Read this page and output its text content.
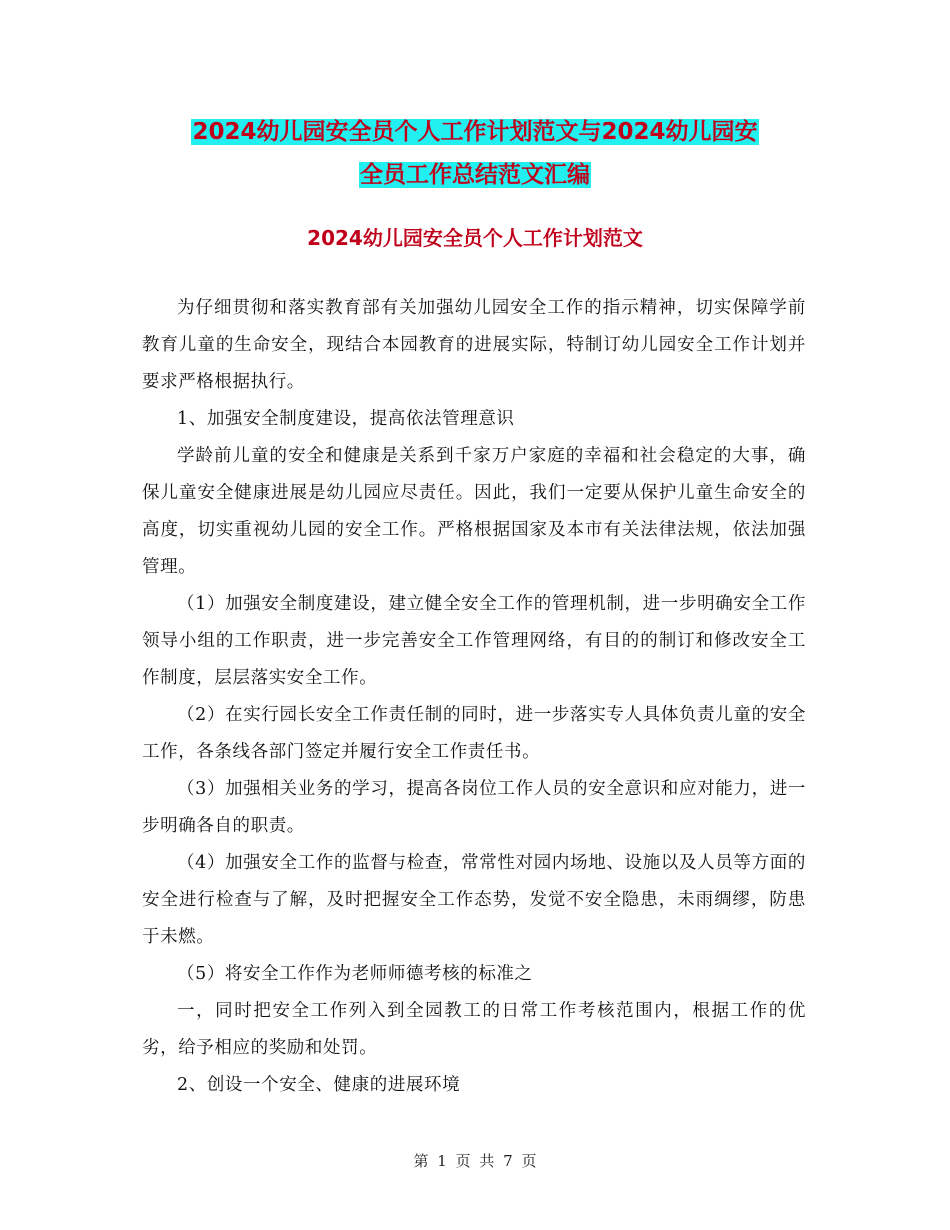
2024幼儿园安全员个人工作计划范文与2024幼儿园安
全员工作总结范文汇编
2024幼儿园安全员个人工作计划范文

为仔细贯彻和落实教育部有关加强幼儿园安全工作的指示精神，切实保障学前教育儿童的生命安全，现结合本园教育的进展实际，特制订幼儿园安全工作计划并要求严格根据执行。

1、加强安全制度建设，提高依法管理意识

学龄前儿童的安全和健康是关系到千家万户家庭的幸福和社会稳定的大事，确保儿童安全健康进展是幼儿园应尽责任。因此，我们一定要从保护儿童生命安全的高度，切实重视幼儿园的安全工作。严格根据国家及本市有关法律法规，依法加强管理。

（1）加强安全制度建设，建立健全安全工作的管理机制，进一步明确安全工作领导小组的工作职责，进一步完善安全工作管理网络，有目的的制订和修改安全工作制度，层层落实安全工作。

（2）在实行园长安全工作责任制的同时，进一步落实专人具体负责儿童的安全工作，各条线各部门签定并履行安全工作责任书。

（3）加强相关业务的学习，提高各岗位工作人员的安全意识和应对能力，进一步明确各自的职责。

（4）加强安全工作的监督与检查，常常性对园内场地、设施以及人员等方面的安全进行检查与了解，及时把握安全工作态势，发觉不安全隐患，未雨绸缪，防患于未燃。

（5）将安全工作作为老师师德考核的标准之

一，同时把安全工作列入到全园教工的日常工作考核范围内，根据工作的优劣，给予相应的奖励和处罚。

2、创设一个安全、健康的进展环境

第 1 页 共 7 页
